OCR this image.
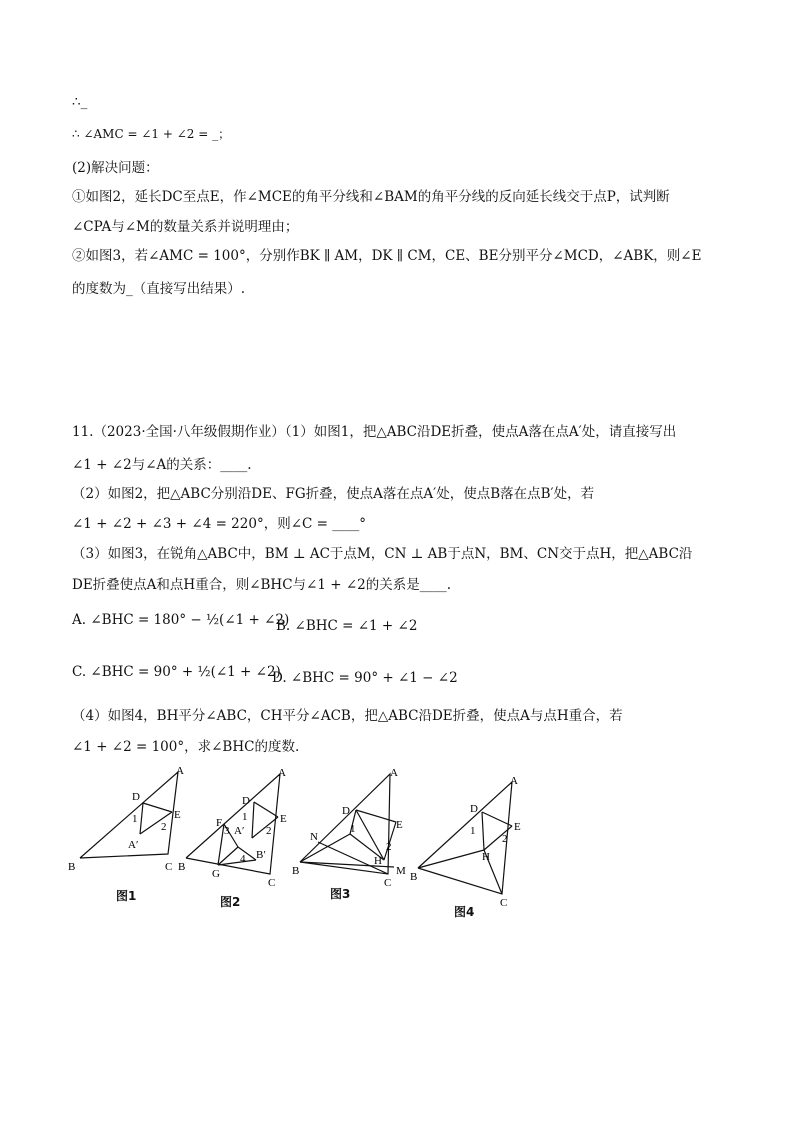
∴_
∴ ∠AMC = ∠1 + ∠2 = _；
(2)解决问题：
①如图2，延长DC至点E，作∠MCE的角平分线和∠BAM的角平分线的反向延长线交于点P，试判断
∠CPA与∠M的数量关系并说明理由；
②如图3，若∠AMC = 100°，分别作BK ∥ AM，DK ∥ CM，CE、BE分别平分∠MCD，∠ABK，则∠E
的度数为_（直接写出结果）.
11.（2023·全国·八年级假期作业）（1）如图1，把△ABC沿DE折叠，使点A落在点A′处，请直接写出
∠1 + ∠2与∠A的关系：____.
（2）如图2，把△ABC分别沿DE、FG折叠，使点A落在点A′处，使点B落在点B′处，若
∠1 + ∠2 + ∠3 + ∠4 = 220°，则∠C = ____°
（3）如图3，在锐角△ABC中，BM ⊥ AC于点M，CN ⊥ AB于点N，BM、CN交于点H，把△ABC沿
DE折叠使点A和点H重合，则∠BHC与∠1 + ∠2的关系是____.
A. ∠BHC = 180° − ½(∠1 + ∠2)
B. ∠BHC = ∠1 + ∠2
C. ∠BHC = 90° + ½(∠1 + ∠2)
D. ∠BHC = 90° + ∠1 − ∠2
（4）如图4，BH平分∠ABC，CH平分∠ACB，把△ABC沿DE折叠，使点A与点H重合，若
∠1 + ∠2 = 100°，求∠BHC的度数.
A
B	C
D
E
A′
1
2
图1
A
B
C
D
E
F
G
A′
B′
1
2
3
4
图2
A
B
C
D
E
H
M
N
1
2
图3
A
B
C
D
E
H
1
2
图4
